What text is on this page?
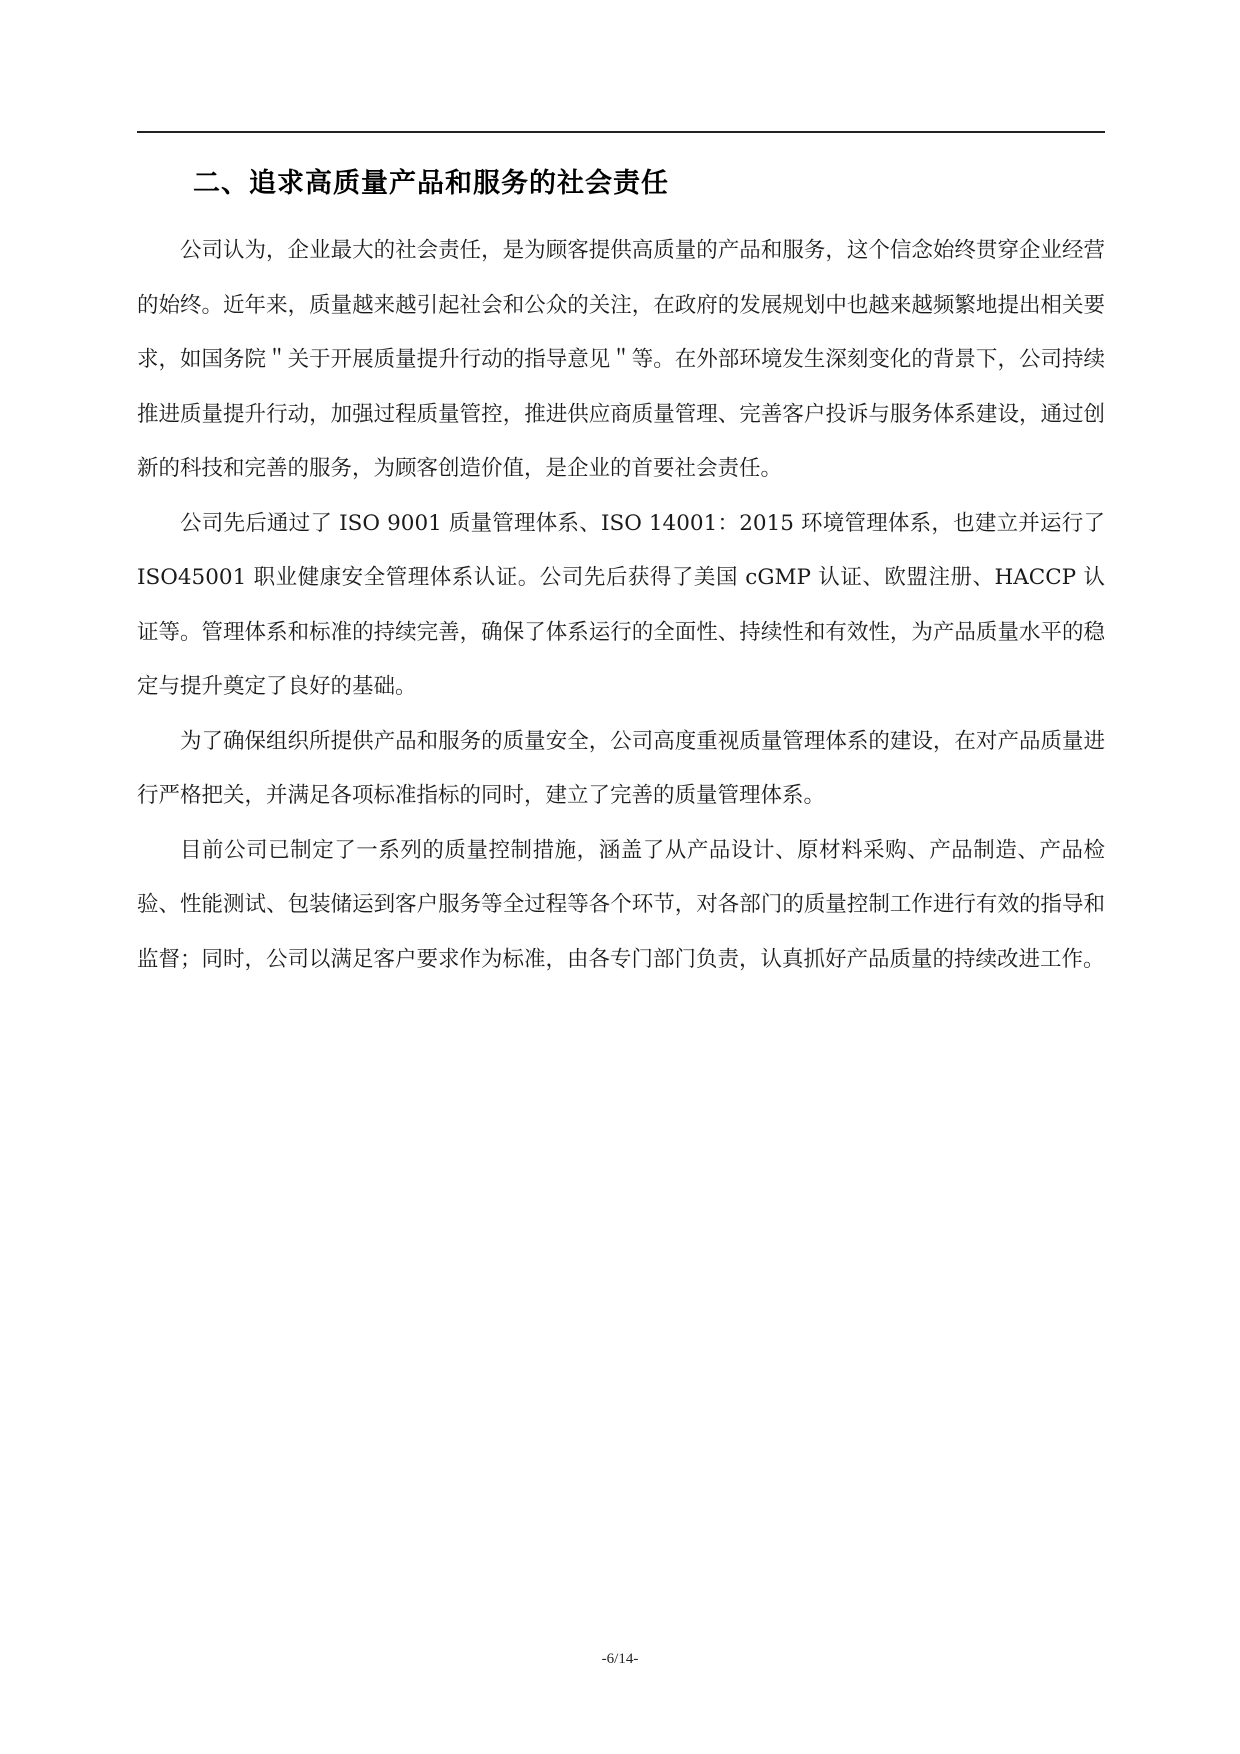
二、追求高质量产品和服务的社会责任

公司认为，企业最大的社会责任，是为顾客提供高质量的产品和服务，这个信念始终贯穿企业经营的始终。近年来，质量越来越引起社会和公众的关注，在政府的发展规划中也越来越频繁地提出相关要求，如国务院＂关于开展质量提升行动的指导意见＂等。在外部环境发生深刻变化的背景下，公司持续推进质量提升行动，加强过程质量管控，推进供应商质量管理、完善客户投诉与服务体系建设，通过创新的科技和完善的服务，为顾客创造价值，是企业的首要社会责任。

公司先后通过了 ISO 9001 质量管理体系、ISO 14001：2015 环境管理体系，也建立并运行了 ISO45001 职业健康安全管理体系认证。公司先后获得了美国 cGMP 认证、欧盟注册、HACCP 认证等。管理体系和标准的持续完善，确保了体系运行的全面性、持续性和有效性，为产品质量水平的稳定与提升奠定了良好的基础。

为了确保组织所提供产品和服务的质量安全，公司高度重视质量管理体系的建设，在对产品质量进行严格把关，并满足各项标准指标的同时，建立了完善的质量管理体系。

目前公司已制定了一系列的质量控制措施，涵盖了从产品设计、原材料采购、产品制造、产品检验、性能测试、包装储运到客户服务等全过程等各个环节，对各部门的质量控制工作进行有效的指导和监督；同时，公司以满足客户要求作为标准，由各专门部门负责，认真抓好产品质量的持续改进工作。

-6/14-
